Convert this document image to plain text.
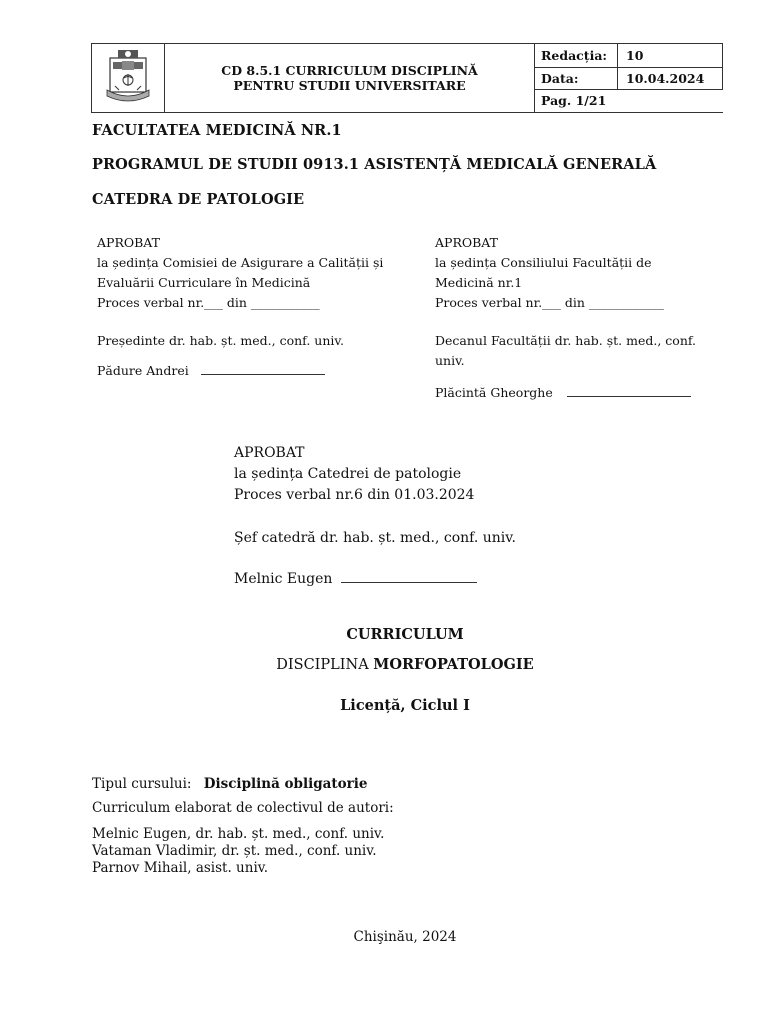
CD 8.5.1 CURRICULUM DISCIPLINĂ
PENTRU STUDII UNIVERSITARE	Redacția:	10
		Data:	10.04.2024
		Pag. 1/21	
FACULTATEA MEDICINĂ NR.1
PROGRAMUL DE STUDII 0913.1 ASISTENȚĂ MEDICALĂ GENERALĂ
CATEDRA DE PATOLOGIE
APROBAT
la ședința Comisiei de Asigurare a Calității și
Evaluării Curriculare în Medicină
Proces verbal nr.___ din ___________
Președinte dr. hab. șt. med., conf. univ.
Pădure Andrei
APROBAT
la ședința Consiliului Facultății de
Medicină nr.1
Proces verbal nr.___ din ____________
Decanul Facultății dr. hab. șt. med., conf.
univ.
Plăcintă Gheorghe
APROBAT
la ședința Catedrei de patologie
Proces verbal nr.6 din 01.03.2024
Șef catedră dr. hab. șt. med., conf. univ.
Melnic Eugen
CURRICULUM
DISCIPLINA MORFOPATOLOGIE
Licență, Ciclul I
Tipul cursului: Disciplină obligatorie
Curriculum elaborat de colectivul de autori:
Melnic Eugen, dr. hab. șt. med., conf. univ.
Vataman Vladimir, dr. șt. med., conf. univ.
Parnov Mihail, asist. univ.
Chişinău, 2024
